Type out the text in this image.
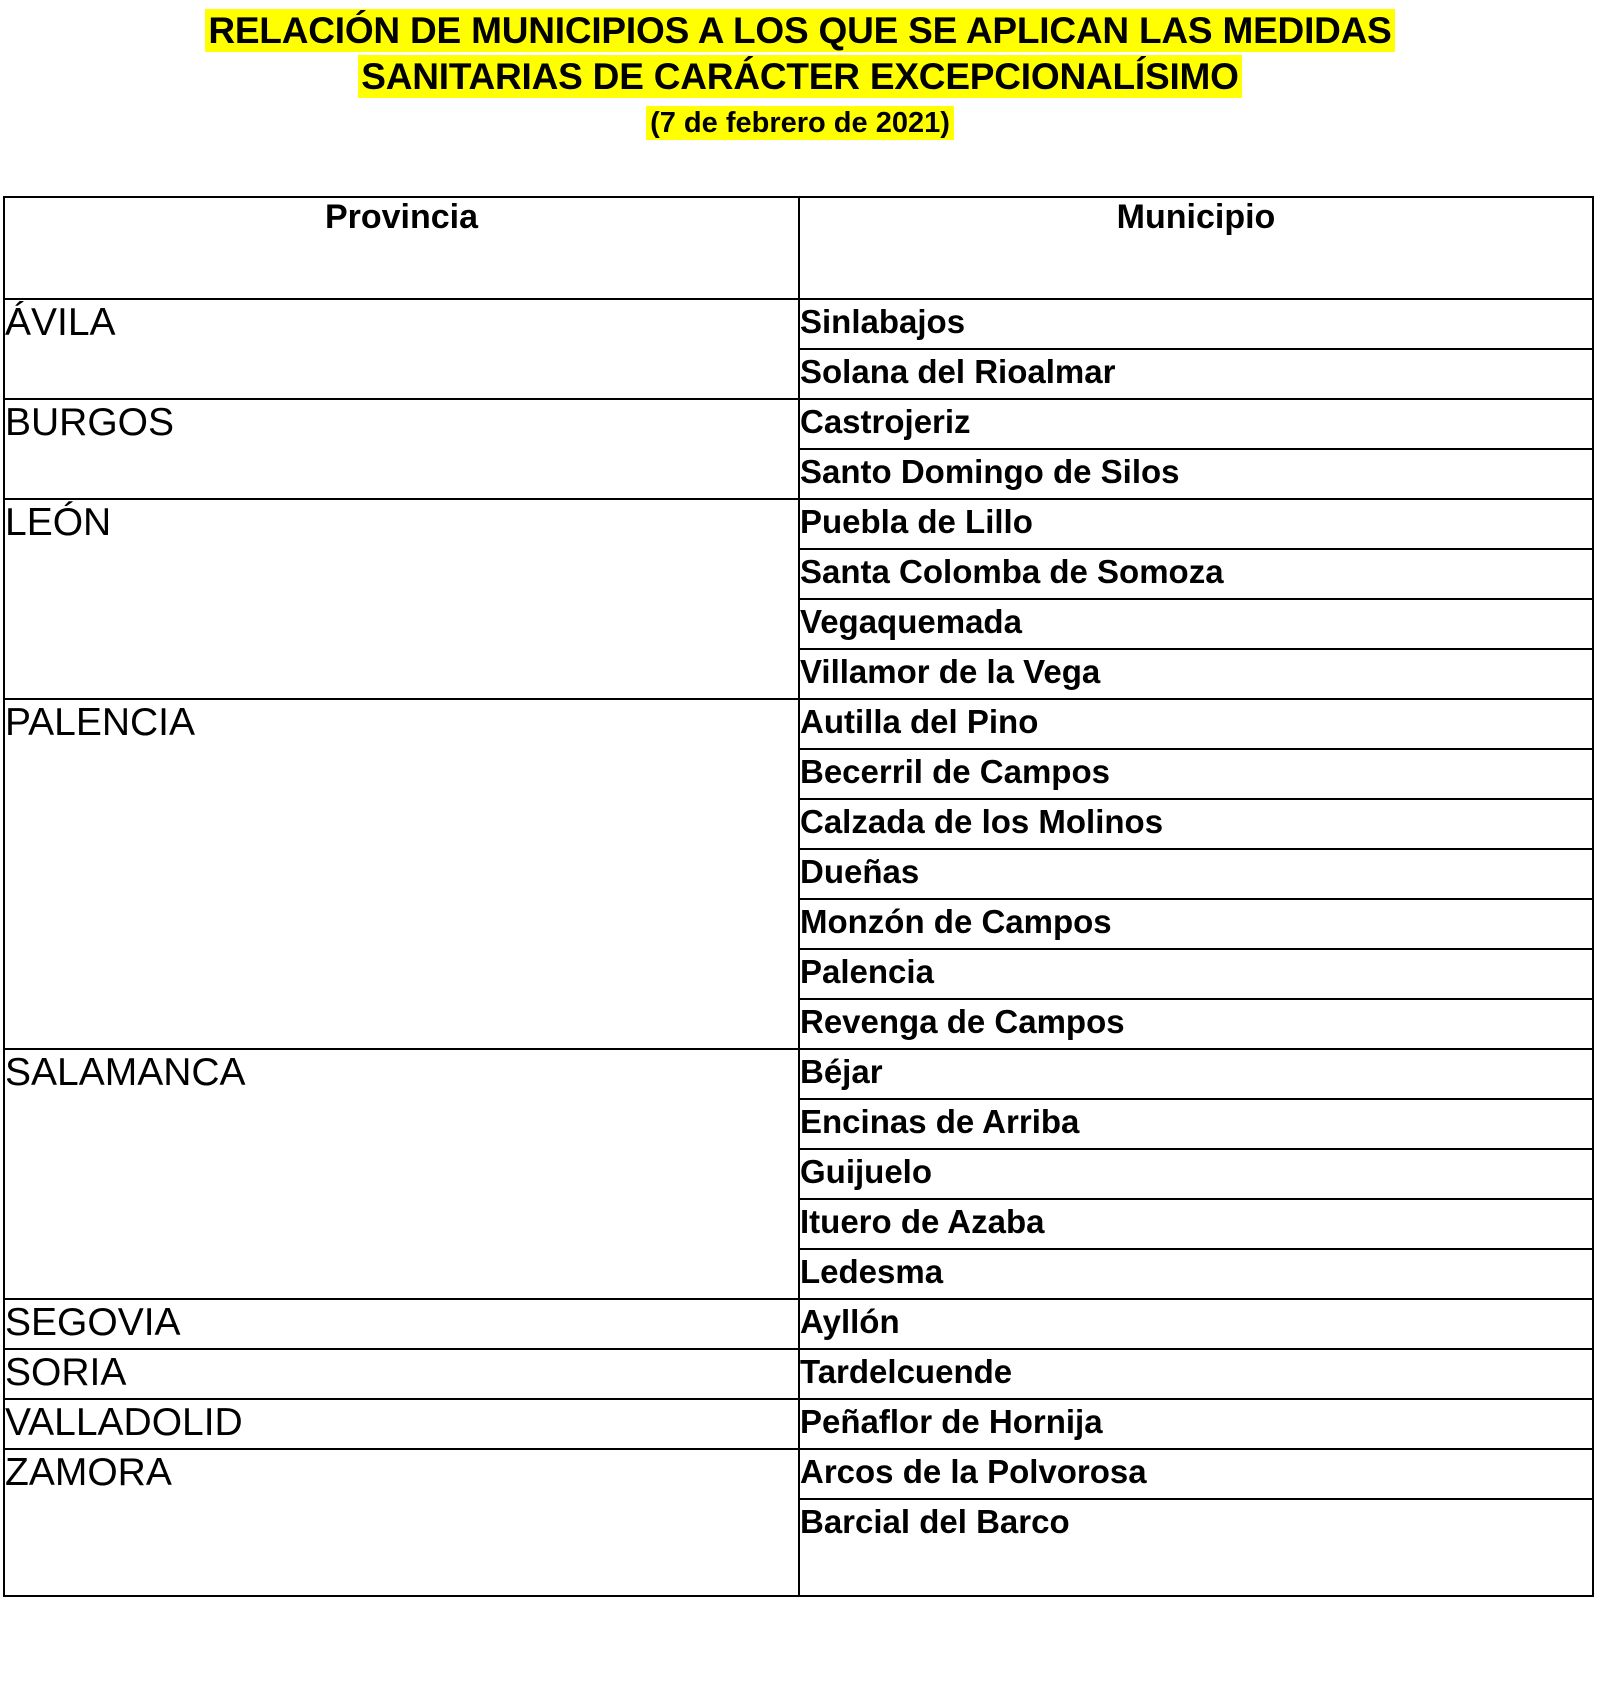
RELACIÓN DE MUNICIPIOS A LOS QUE SE APLICAN LAS MEDIDAS
SANITARIAS DE CARÁCTER EXCEPCIONALÍSIMO
(7 de febrero de 2021)
Provincia	Municipio
ÁVILA	Sinlabajos
	Solana del Rioalmar
BURGOS	Castrojeriz
	Santo Domingo de Silos
LEÓN	Puebla de Lillo
	Santa Colomba de Somoza
	Vegaquemada
	Villamor de la Vega
PALENCIA	Autilla del Pino
	Becerril de Campos
	Calzada de los Molinos
	Dueñas
	Monzón de Campos
	Palencia
	Revenga de Campos
SALAMANCA	Béjar
	Encinas de Arriba
	Guijuelo
	Ituero de Azaba
	Ledesma
SEGOVIA	Ayllón
SORIA	Tardelcuende
VALLADOLID	Peñaflor de Hornija
ZAMORA	Arcos de la Polvorosa
	Barcial del Barco
